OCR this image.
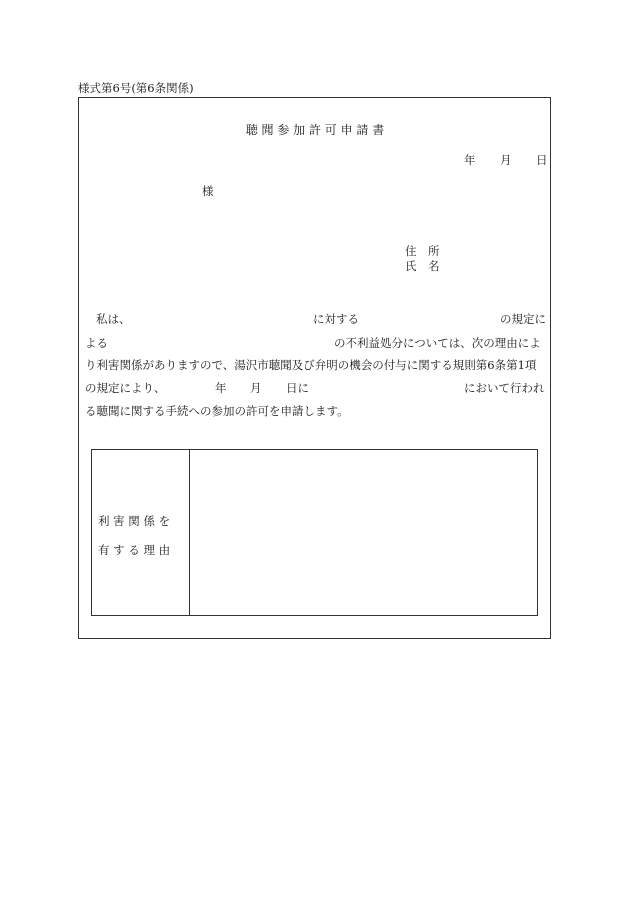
様式第6号(第6条関係)
聴 聞 参 加 許 可 申 請 書
年 月 日
様
住　所
氏　名
私は、	に対する	の規定に
よる	の不利益処分については、次の理由によ
り利害関係がありますので、湯沢市聴聞及び弁明の機会の付与に関する規則第6条第1項
の規定により、	年 月 日に	において行われ
る聴聞に関する手続への参加の許可を申請します。
利 害 関 係 を
有 す る 理 由
